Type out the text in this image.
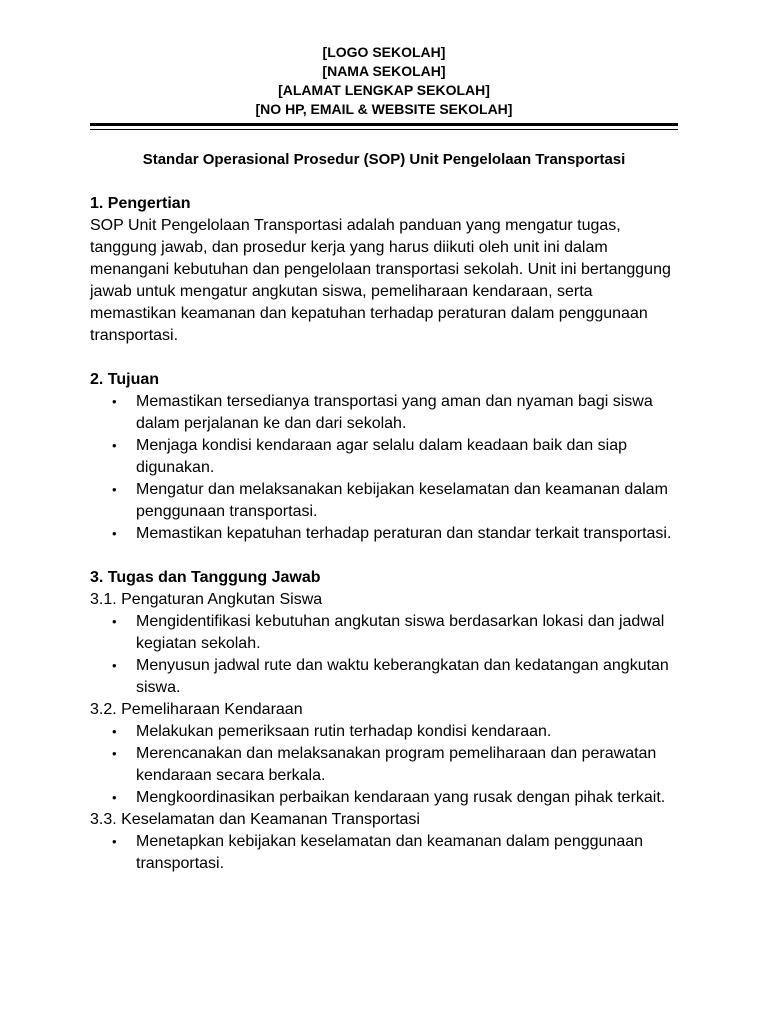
[LOGO SEKOLAH]
[NAMA SEKOLAH]
[ALAMAT LENGKAP SEKOLAH]
[NO HP, EMAIL & WEBSITE SEKOLAH]
Standar Operasional Prosedur (SOP) Unit Pengelolaan Transportasi

1. Pengertian

SOP Unit Pengelolaan Transportasi adalah panduan yang mengatur tugas, tanggung jawab, dan prosedur kerja yang harus diikuti oleh unit ini dalam menangani kebutuhan dan pengelolaan transportasi sekolah. Unit ini bertanggung jawab untuk mengatur angkutan siswa, pemeliharaan kendaraan, serta memastikan keamanan dan kepatuhan terhadap peraturan dalam penggunaan transportasi.

2. Tujuan

• Memastikan tersedianya transportasi yang aman dan nyaman bagi siswa dalam perjalanan ke dan dari sekolah.
• Menjaga kondisi kendaraan agar selalu dalam keadaan baik dan siap digunakan.
• Mengatur dan melaksanakan kebijakan keselamatan dan keamanan dalam penggunaan transportasi.
• Memastikan kepatuhan terhadap peraturan dan standar terkait transportasi.

3. Tugas dan Tanggung Jawab

3.1. Pengaturan Angkutan Siswa

• Mengidentifikasi kebutuhan angkutan siswa berdasarkan lokasi dan jadwal kegiatan sekolah.
• Menyusun jadwal rute dan waktu keberangkatan dan kedatangan angkutan siswa.

3.2. Pemeliharaan Kendaraan

• Melakukan pemeriksaan rutin terhadap kondisi kendaraan.
• Merencanakan dan melaksanakan program pemeliharaan dan perawatan kendaraan secara berkala.
• Mengkoordinasikan perbaikan kendaraan yang rusak dengan pihak terkait.

3.3. Keselamatan dan Keamanan Transportasi

• Menetapkan kebijakan keselamatan dan keamanan dalam penggunaan transportasi.
